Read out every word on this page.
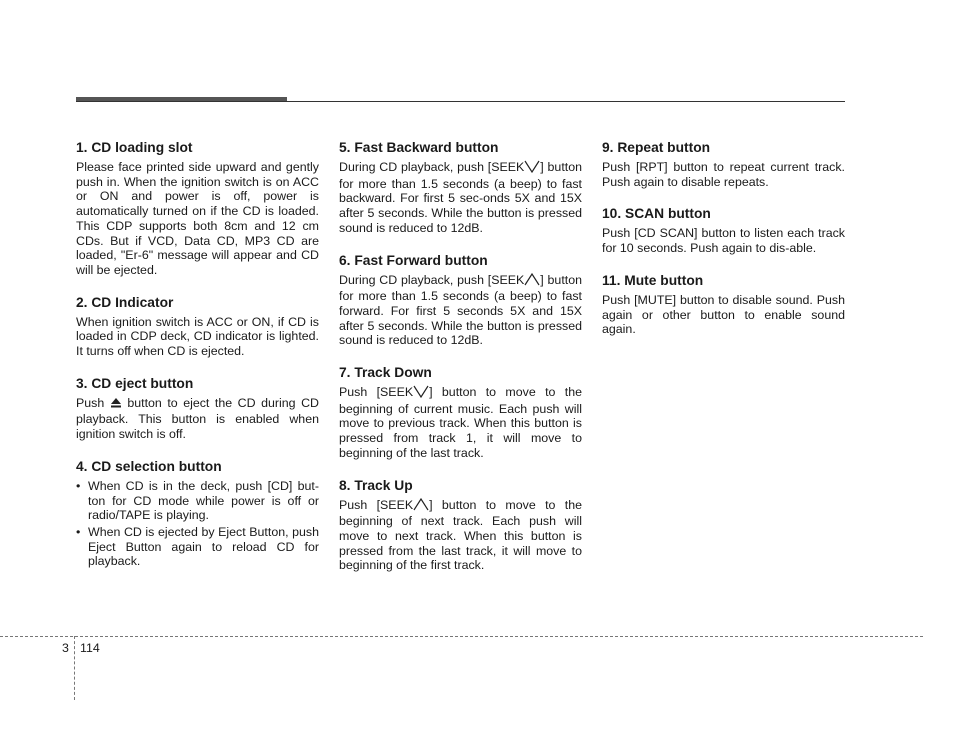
1. CD loading slot

Please face printed side upward and gently push in. When the ignition switch is on ACC or ON and power is off, power is automatically turned on if the CD is loaded. This CDP supports both 8cm and 12 cm CDs. But if VCD, Data CD, MP3 CD are loaded, "Er-6" message will appear and CD will be ejected.

2. CD Indicator

When ignition switch is ACC or ON, if CD is loaded in CDP deck, CD indicator is lighted. It turns off when CD is ejected.

3. CD eject button

Push button to eject the CD during CD playback. This button is enabled when ignition switch is off.

4. CD selection button
• When CD is in the deck, push [CD] but-ton for CD mode while power is off or radio/TAPE is playing.
• When CD is ejected by Eject Button, push Eject Button again to reload CD for playback.
5. Fast Backward button

During CD playback, push [SEEK ] button for more than 1.5 seconds (a beep) to fast backward. For first 5 sec-onds 5X and 15X after 5 seconds. While the button is pressed sound is reduced to 12dB.

6. Fast Forward button

During CD playback, push [SEEK ] button for more than 1.5 seconds (a beep) to fast forward. For first 5 seconds 5X and 15X after 5 seconds. While the button is pressed sound is reduced to 12dB.

7. Track Down

Push [SEEK ] button to move to the beginning of current music. Each push will move to previous track. When this button is pressed from track 1, it will move to beginning of the last track.

8. Track Up

Push [SEEK ] button to move to the beginning of next track. Each push will move to next track. When this button is pressed from the last track, it will move to beginning of the first track.

9. Repeat button

Push [RPT] button to repeat current track. Push again to disable repeats.

10. SCAN button

Push [CD SCAN] button to listen each track for 10 seconds. Push again to dis-able.

11. Mute button

Push [MUTE] button to disable sound. Push again or other button to enable sound again.

3 114
